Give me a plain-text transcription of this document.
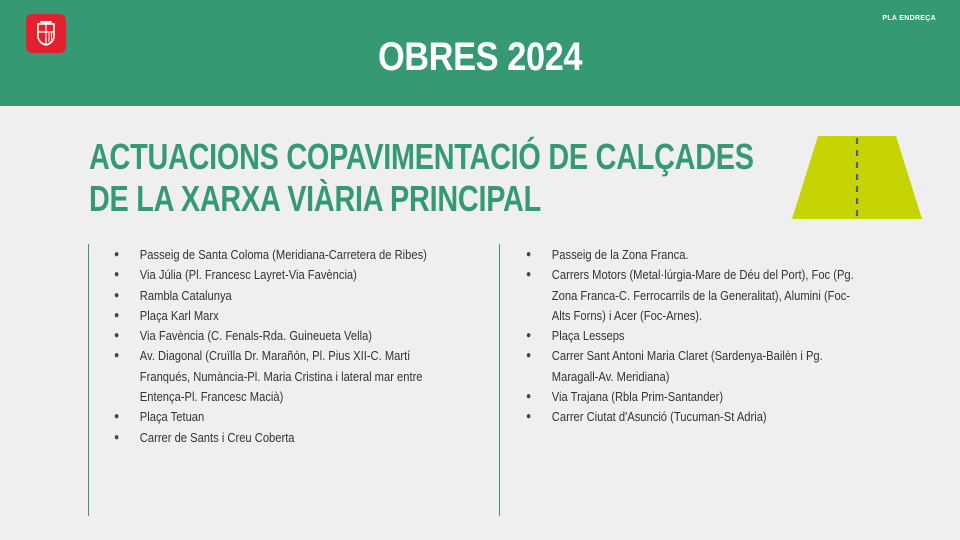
PLA ENDREÇA
OBRES 2024
ACTUACIONS COPAVIMENTACIÓ DE CALÇADES
DE LA XARXA VIÀRIA PRINCIPAL
● Passeig de Santa Coloma (Meridiana-Carretera de Ribes)
● Via Júlia (Pl. Francesc Layret-Via Favència)
● Rambla Catalunya
● Plaça Karl Marx
● Via Favència (C. Fenals-Rda. Guineueta Vella)
● Av. Diagonal (Cruïlla Dr. Marañón, Pl. Pius XII-C. Martí Franqués, Numància-Pl. Maria Cristina i lateral mar entre Entença-Pl. Francesc Macià)
● Plaça Tetuan
● Carrer de Sants i Creu Coberta
● Passeig de la Zona Franca.
● Carrers Motors (Metal·lúrgia-Mare de Déu del Port), Foc (Pg. Zona Franca-C. Ferrocarrils de la Generalitat), Alumini (Foc-Alts Forns) i Acer (Foc-Arnes).
● Plaça Lesseps
● Carrer Sant Antoni Maria Claret (Sardenya-Bailèn i Pg. Maragall-Av. Meridiana)
● Via Trajana (Rbla Prim-Santander)
● Carrer Ciutat d'Asunció (Tucuman-St Adria)
